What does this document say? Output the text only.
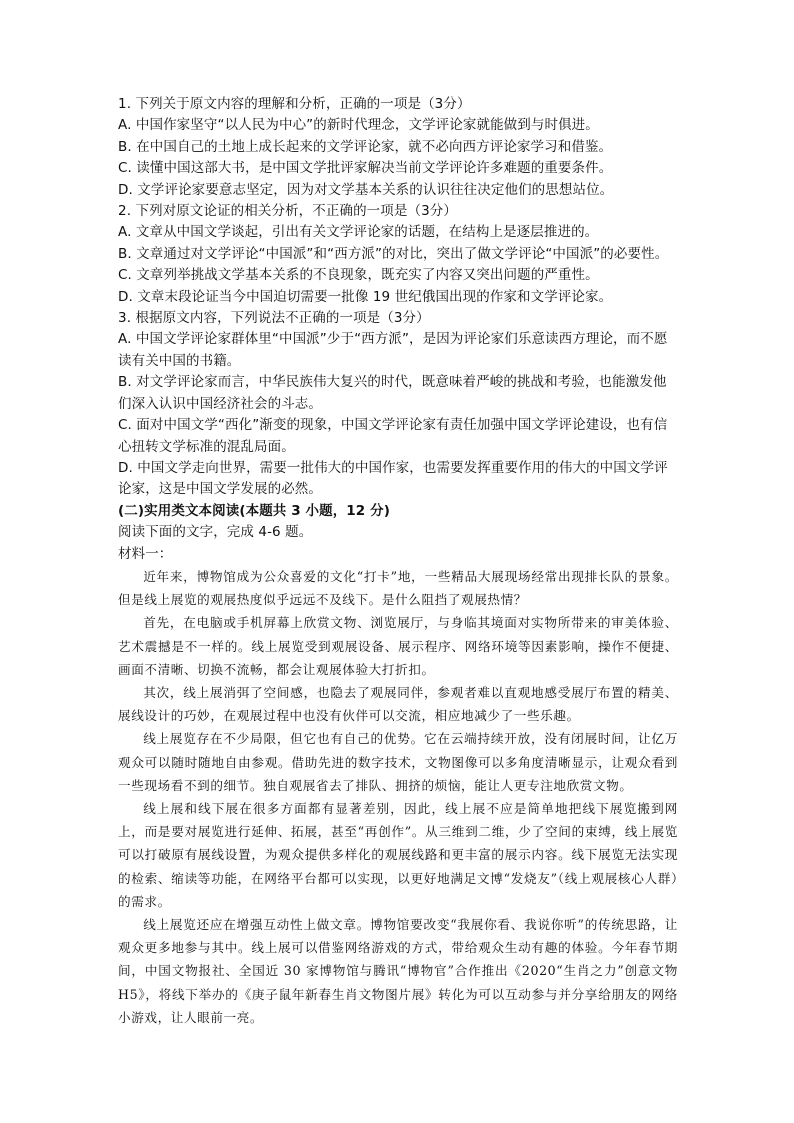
1. 下列关于原文内容的理解和分析，正确的一项是（3分）

A. 中国作家坚守“以人民为中心”的新时代理念，文学评论家就能做到与时俱进。

B. 在中国自己的土地上成长起来的文学评论家，就不必向西方评论家学习和借鉴。

C. 读懂中国这部大书，是中国文学批评家解决当前文学评论许多难题的重要条件。

D. 文学评论家要意志坚定，因为对文学基本关系的认识往往决定他们的思想站位。

2. 下列对原文论证的相关分析，不正确的一项是（3分）

A. 文章从中国文学谈起，引出有关文学评论家的话题，在结构上是逐层推进的。

B. 文章通过对文学评论“中国派”和“西方派”的对比，突出了做文学评论“中国派”的必要性。

C. 文章列举挑战文学基本关系的不良现象，既充实了内容又突出问题的严重性。

D. 文章末段论证当今中国迫切需要一批像 19 世纪俄国出现的作家和文学评论家。

3. 根据原文内容，下列说法不正确的一项是（3分）

A. 中国文学评论家群体里“中国派”少于“西方派”，是因为评论家们乐意读西方理论，而不愿读有关中国的书籍。

B. 对文学评论家而言，中华民族伟大复兴的时代，既意味着严峻的挑战和考验，也能激发他们深入认识中国经济社会的斗志。

C. 面对中国文学“西化”渐变的现象，中国文学评论家有责任加强中国文学评论建设，也有信心扭转文学标准的混乱局面。

D. 中国文学走向世界，需要一批伟大的中国作家，也需要发挥重要作用的伟大的中国文学评论家，这是中国文学发展的必然。

(二)实用类文本阅读(本题共 3 小题，12 分)

阅读下面的文字，完成 4-6 题。

材料一：

近年来，博物馆成为公众喜爱的文化“打卡”地，一些精品大展现场经常出现排长队的景象。但是线上展览的观展热度似乎远远不及线下。是什么阻挡了观展热情？

首先，在电脑或手机屏幕上欣赏文物、浏览展厅，与身临其境面对实物所带来的审美体验、艺术震撼是不一样的。线上展览受到观展设备、展示程序、网络环境等因素影响，操作不便捷、画面不清晰、切换不流畅，都会让观展体验大打折扣。

其次，线上展消弭了空间感，也隐去了观展同伴，参观者难以直观地感受展厅布置的精美、展线设计的巧妙，在观展过程中也没有伙伴可以交流，相应地减少了一些乐趣。

线上展览存在不少局限，但它也有自己的优势。它在云端持续开放，没有闭展时间，让亿万观众可以随时随地自由参观。借助先进的数字技术，文物图像可以多角度清晰显示，让观众看到一些现场看不到的细节。独自观展省去了排队、拥挤的烦恼，能让人更专注地欣赏文物。

线上展和线下展在很多方面都有显著差别，因此，线上展不应是简单地把线下展览搬到网上，而是要对展览进行延伸、拓展，甚至“再创作”。从三维到二维，少了空间的束缚，线上展览可以打破原有展线设置，为观众提供多样化的观展线路和更丰富的展示内容。线下展览无法实现的检索、缩读等功能，在网络平台都可以实现，以更好地满足文博“发烧友”（线上观展核心人群）的需求。

线上展览还应在增强互动性上做文章。博物馆要改变“我展你看、我说你听”的传统思路，让观众更多地参与其中。线上展可以借鉴网络游戏的方式，带给观众生动有趣的体验。今年春节期间，中国文物报社、全国近 30 家博物馆与腾讯“博物官”合作推出《2020“生肖之力”创意文物 H5》，将线下举办的《庚子鼠年新春生肖文物图片展》转化为可以互动参与并分享给朋友的网络小游戏，让人眼前一亮。
